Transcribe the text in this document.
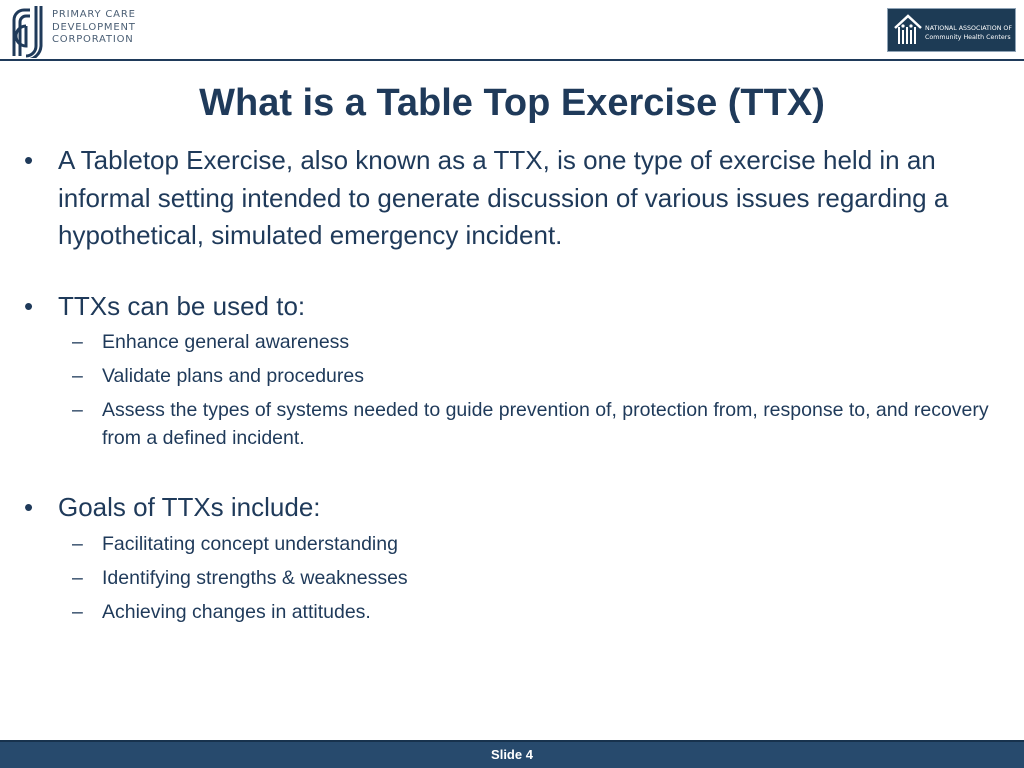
PRIMARY CARE
DEVELOPMENT
CORPORATION
NATIONAL ASSOCIATION OF
Community Health Centers
What is a Table Top Exercise (TTX)
• A Tabletop Exercise, also known as a TTX, is one type of exercise held in an informal setting intended to generate discussion of various issues regarding a hypothetical, simulated emergency incident.
• TTXs can be used to:
– Enhance general awareness
– Validate plans and procedures
– Assess the types of systems needed to guide prevention of, protection from, response to, and recovery from a defined incident.
• Goals of TTXs include:
– Facilitating concept understanding
– Identifying strengths & weaknesses
– Achieving changes in attitudes.
Slide 4
